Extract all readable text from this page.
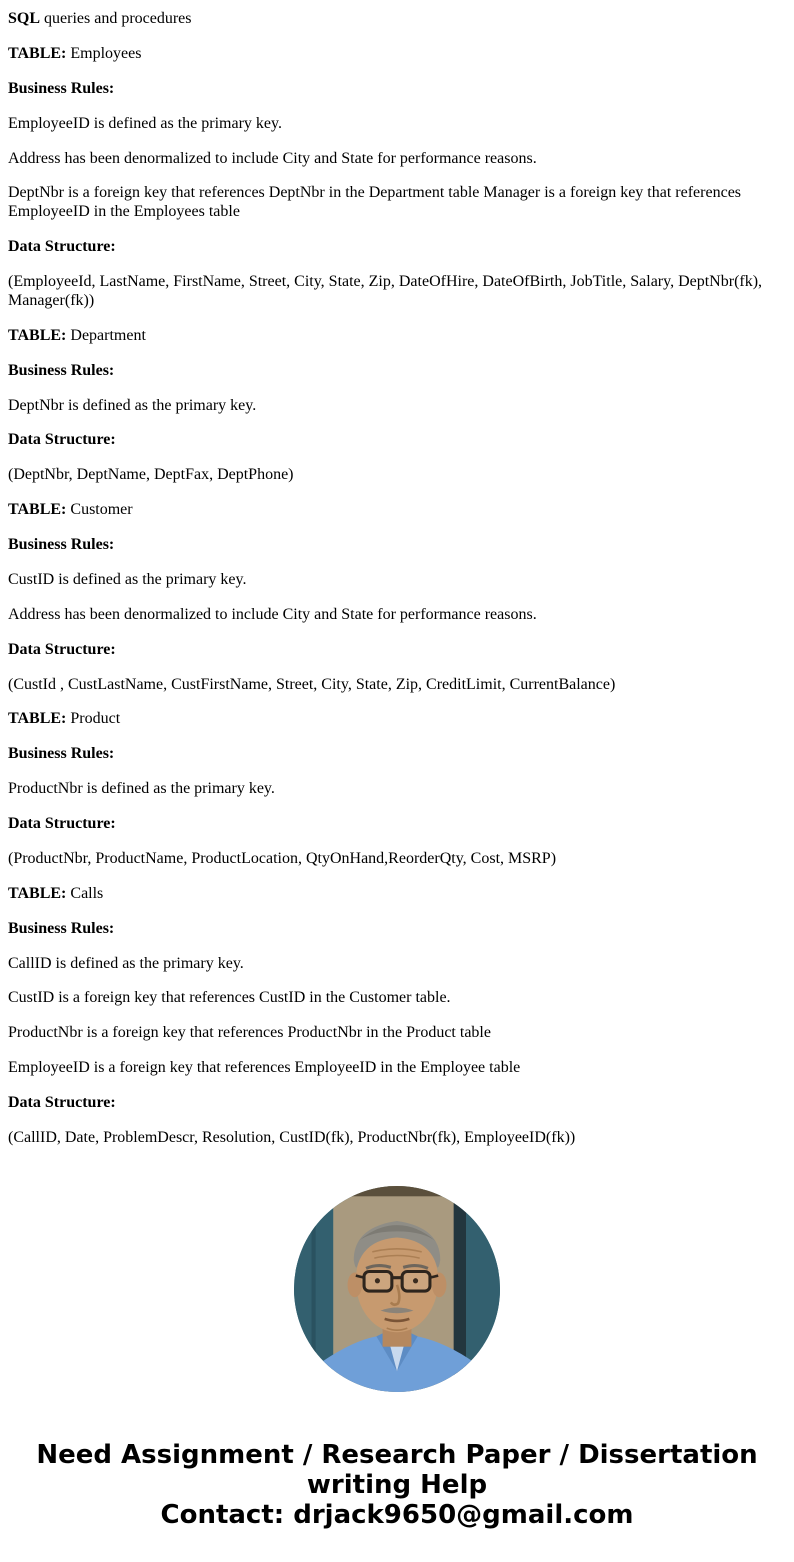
SQL queries and procedures

TABLE: Employees

Business Rules:

EmployeeID is defined as the primary key.

Address has been denormalized to include City and State for performance reasons.

DeptNbr is a foreign key that references DeptNbr in the Department table Manager is a foreign key that references EmployeeID in the Employees table

Data Structure:

(EmployeeId, LastName, FirstName, Street, City, State, Zip, DateOfHire, DateOfBirth, JobTitle, Salary, DeptNbr(fk), Manager(fk))

TABLE: Department

Business Rules:

DeptNbr is defined as the primary key.

Data Structure:

(DeptNbr, DeptName, DeptFax, DeptPhone)

TABLE: Customer

Business Rules:

CustID is defined as the primary key.

Address has been denormalized to include City and State for performance reasons.

Data Structure:

(CustId , CustLastName, CustFirstName, Street, City, State, Zip, CreditLimit, CurrentBalance)

TABLE: Product

Business Rules:

ProductNbr is defined as the primary key.

Data Structure:

(ProductNbr, ProductName, ProductLocation, QtyOnHand,ReorderQty, Cost, MSRP)

TABLE: Calls

Business Rules:

CallID is defined as the primary key.

CustID is a foreign key that references CustID in the Customer table.

ProductNbr is a foreign key that references ProductNbr in the Product table

EmployeeID is a foreign key that references EmployeeID in the Employee table

Data Structure:

(CallID, Date, ProblemDescr, Resolution, CustID(fk), ProductNbr(fk), EmployeeID(fk))

Need Assignment / Research Paper / Dissertation
writing Help
Contact: drjack9650@gmail.com
